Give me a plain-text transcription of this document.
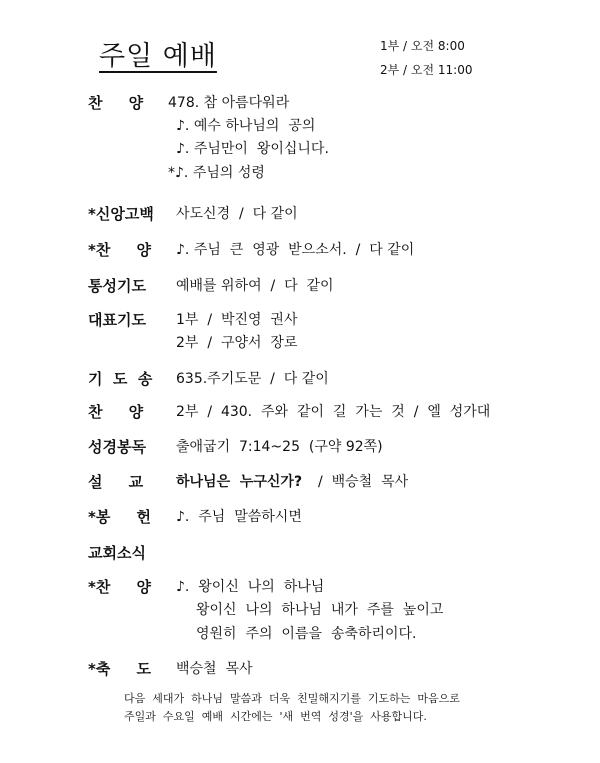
주일 예배	1부 / 오전 8:00
2부 / 오전 11:00
찬     양 478. 참 아름다워라
♪. 예수 하나님의  공의
♪. 주님만이  왕이십니다.
*♪. 주님의 성령
*신앙고백 사도신경  /  다 같이
*찬     양 ♪. 주님  큰  영광  받으소서.  /  다 같이
통성기도 예배를 위하여  /  다  같이
대표기도 1부  /  박진영  권사
2부  /  구양서  장로
기  도  송 635.주기도문  /  다 같이
찬     양 2부  /  430.  주와  같이  길  가는  것  /  엘  성가대
성경봉독 출애굽기  7:14~25  (구약 92쪽)
설     교 하나님은  누구신가? /  백승철  목사
*봉     헌 ♪.  주님  말씀하시면
교회소식
*찬     양 ♪.  왕이신  나의  하나님
왕이신  나의  하나님  내가  주를  높이고
영원히  주의  이름을  송축하리이다.
*축     도 백승철  목사
다음  세대가  하나님  말씀과  더욱  친밀해지기를  기도하는  마음으로
주일과  수요일  예배  시간에는  '새  번역  성경'을  사용합니다.
